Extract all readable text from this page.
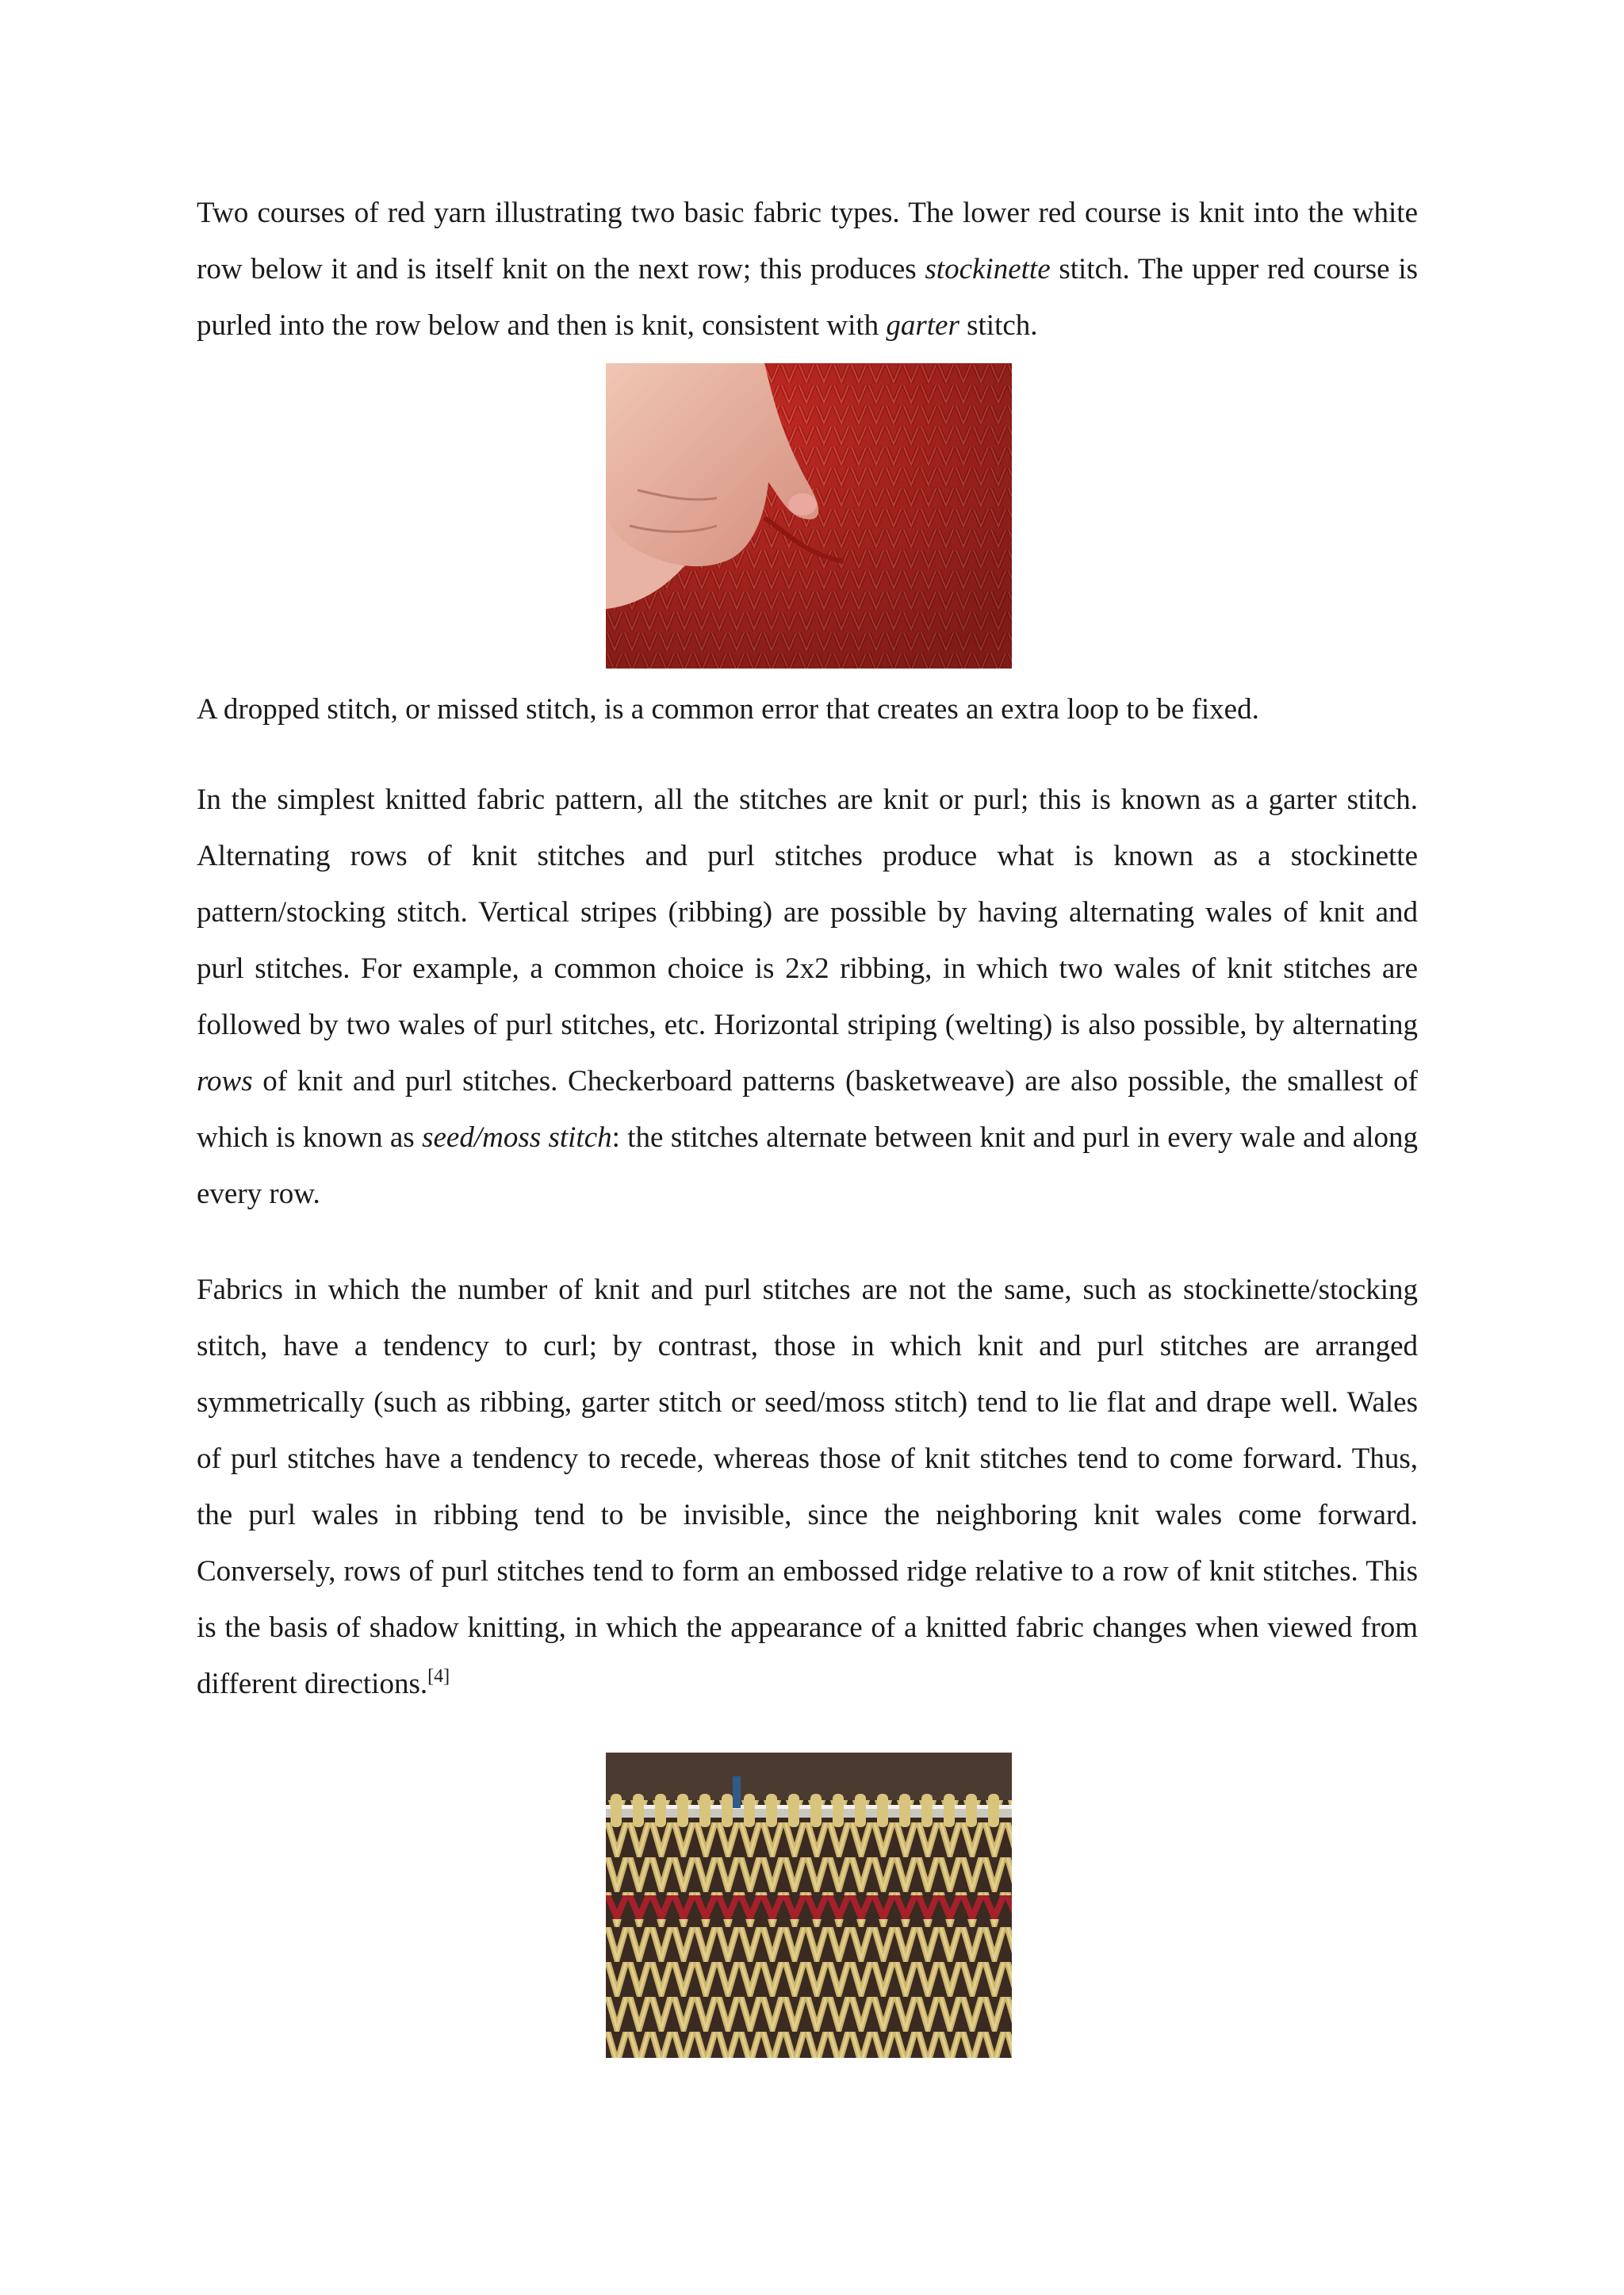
Two courses of red yarn illustrating two basic fabric types. The lower red course is knit into the white row below it and is itself knit on the next row; this produces stockinette stitch. The upper red course is purled into the row below and then is knit, consistent with garter stitch.

A dropped stitch, or missed stitch, is a common error that creates an extra loop to be fixed.

In the simplest knitted fabric pattern, all the stitches are knit or purl; this is known as a garter stitch. Alternating rows of knit stitches and purl stitches produce what is known as a stockinette pattern/stocking stitch. Vertical stripes (ribbing) are possible by having alternating wales of knit and purl stitches. For example, a common choice is 2x2 ribbing, in which two wales of knit stitches are followed by two wales of purl stitches, etc. Horizontal striping (welting) is also possible, by alternating rows of knit and purl stitches. Checkerboard patterns (basketweave) are also possible, the smallest of which is known as seed/moss stitch: the stitches alternate between knit and purl in every wale and along every row.

Fabrics in which the number of knit and purl stitches are not the same, such as stockinette/stocking stitch, have a tendency to curl; by contrast, those in which knit and purl stitches are arranged symmetrically (such as ribbing, garter stitch or seed/moss stitch) tend to lie flat and drape well. Wales of purl stitches have a tendency to recede, whereas those of knit stitches tend to come forward. Thus, the purl wales in ribbing tend to be invisible, since the neighboring knit wales come forward. Conversely, rows of purl stitches tend to form an embossed ridge relative to a row of knit stitches. This is the basis of shadow knitting, in which the appearance of a knitted fabric changes when viewed from different directions.[4]
